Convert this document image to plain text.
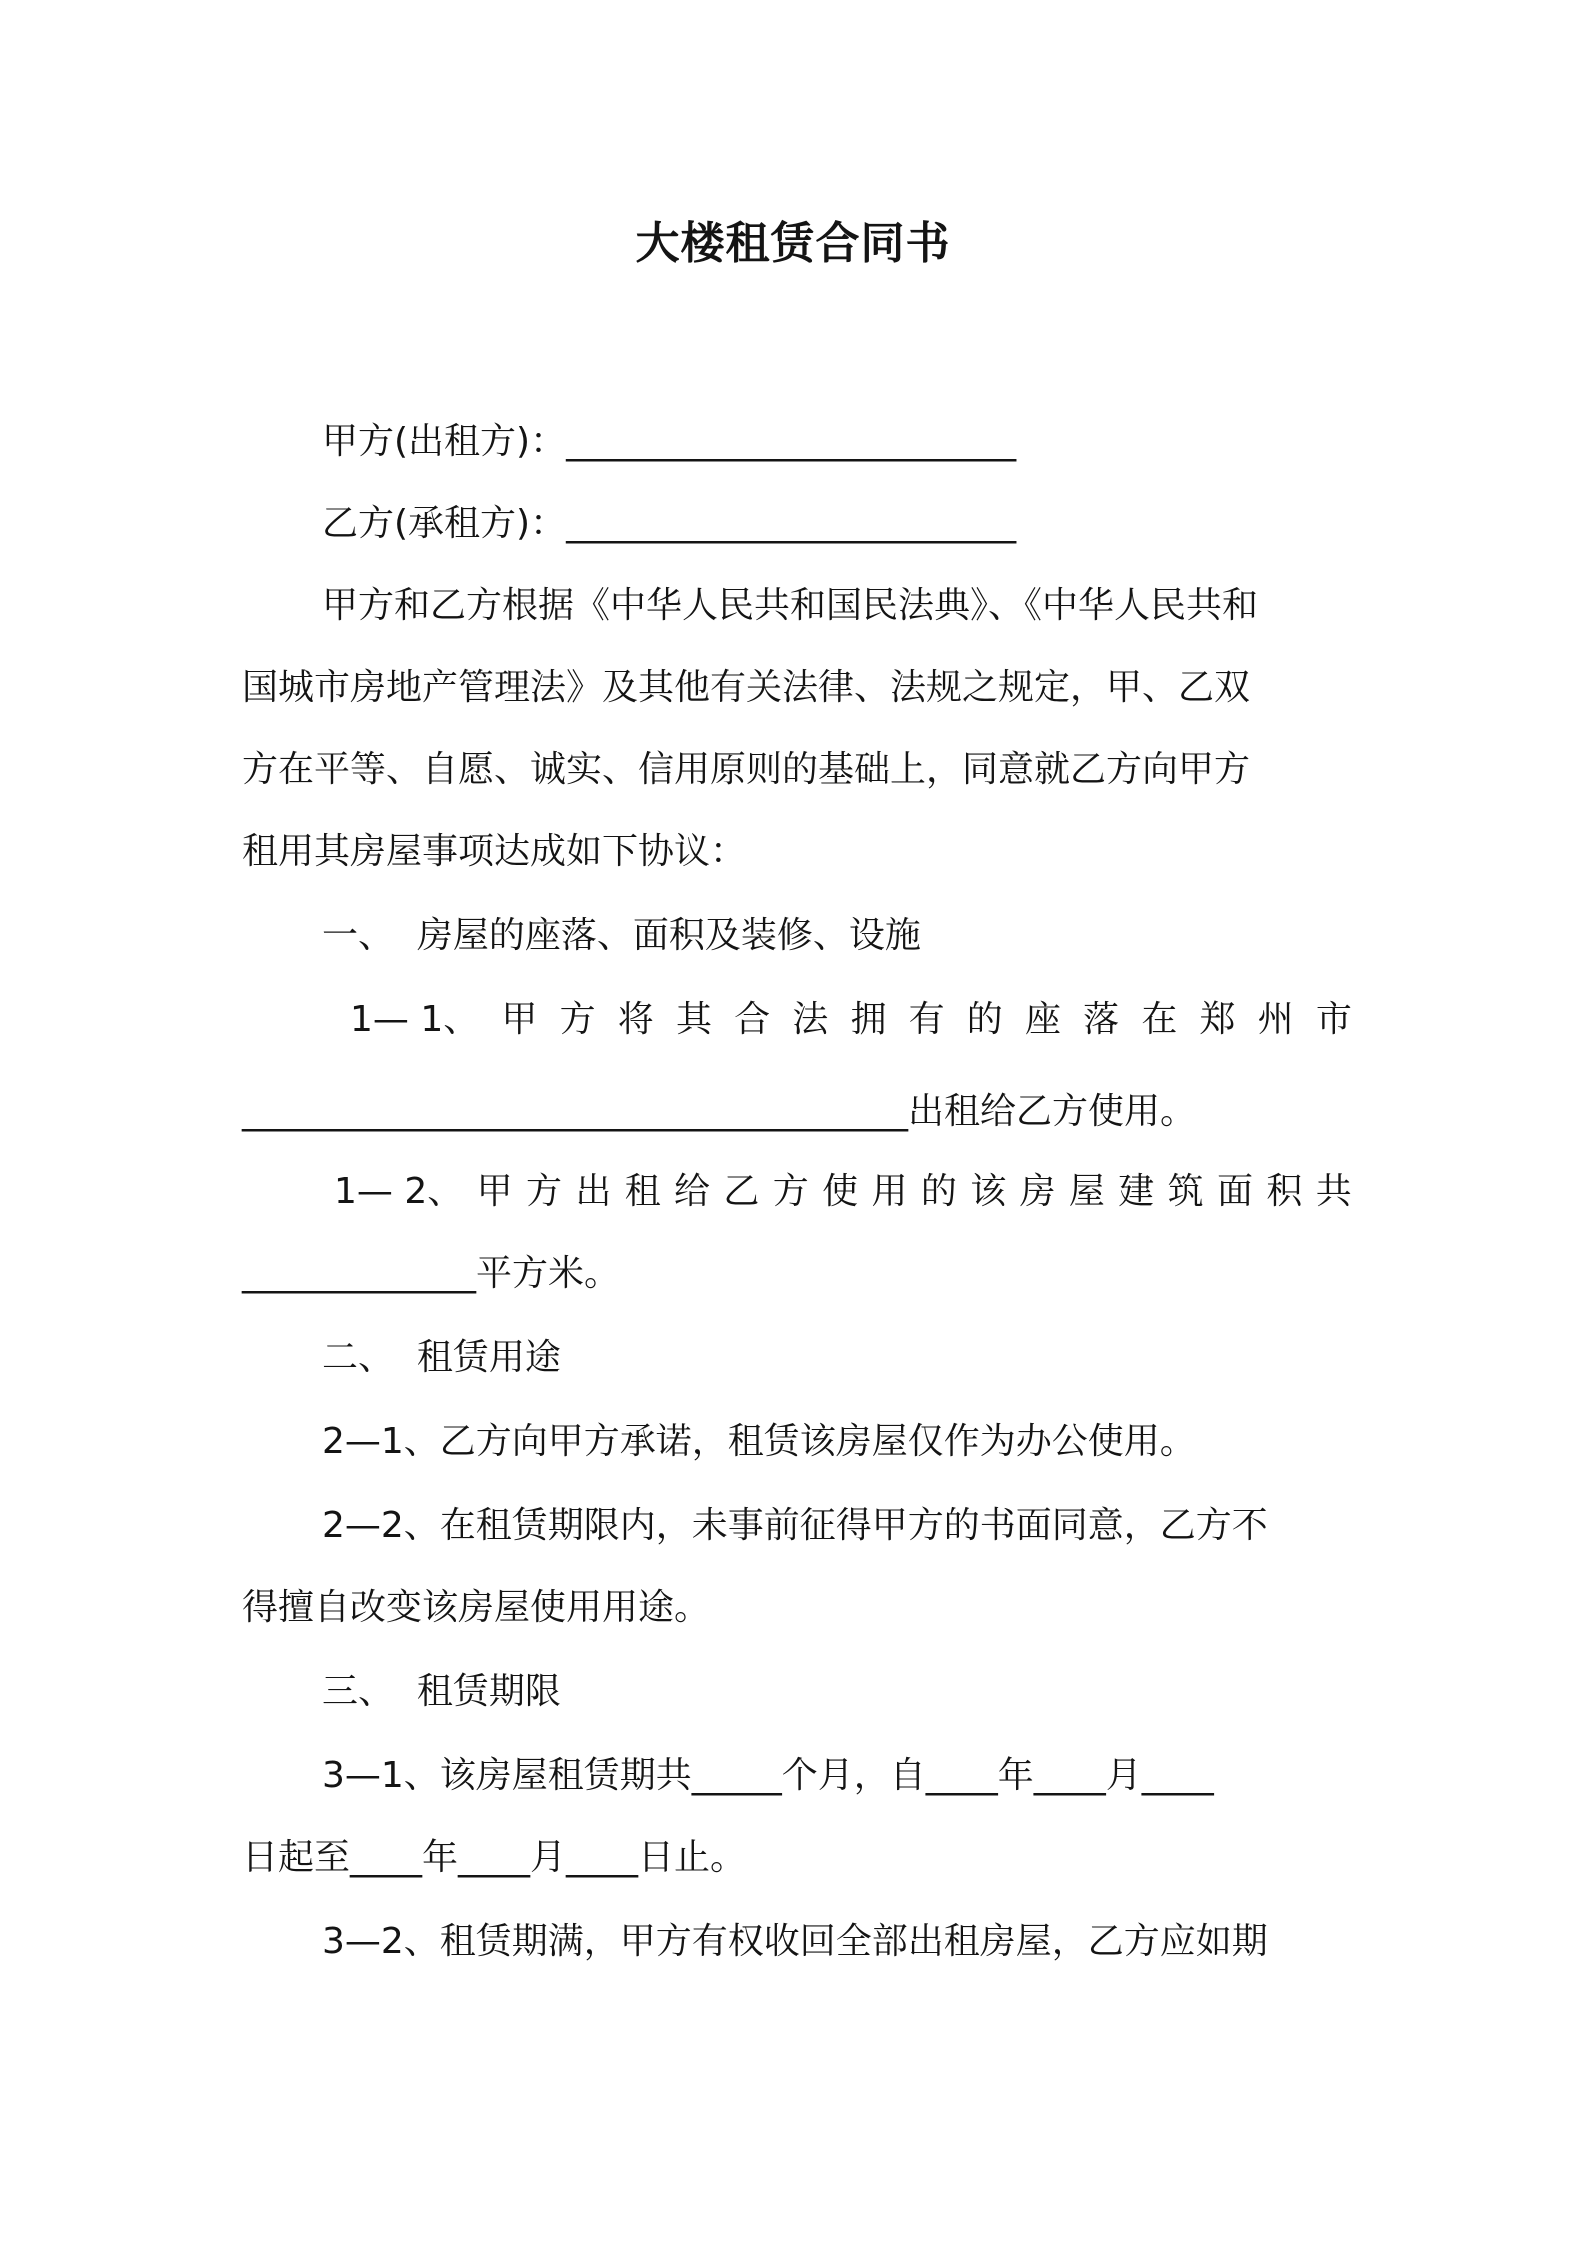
大楼租赁合同书
甲方(出租方)：_________________________
乙方(承租方)：_________________________
甲方和乙方根据《中华人民共和国民法典》、《中华人民共和
国城市房地产管理法》及其他有关法律、法规之规定，甲、乙双
方在平等、自愿、诚实、信用原则的基础上，同意就乙方向甲方
租用其房屋事项达成如下协议：
一、  房屋的座落、面积及装修、设施
1— 1、 甲 方 将 其 合 法 拥 有 的 座 落 在 郑 州 市
_____________________________________出租给乙方使用。
1— 2、 甲 方 出 租 给 乙 方 使 用 的 该 房 屋 建 筑 面 积 共
_____________平方米。
二、  租赁用途
2—1、乙方向甲方承诺，租赁该房屋仅作为办公使用。
2—2、在租赁期限内，未事前征得甲方的书面同意，乙方不
得擅自改变该房屋使用用途。
三、  租赁期限
3—1、该房屋租赁期共_____个月，自____年____月____
日起至____年____月____日止。
3—2、租赁期满，甲方有权收回全部出租房屋，乙方应如期
